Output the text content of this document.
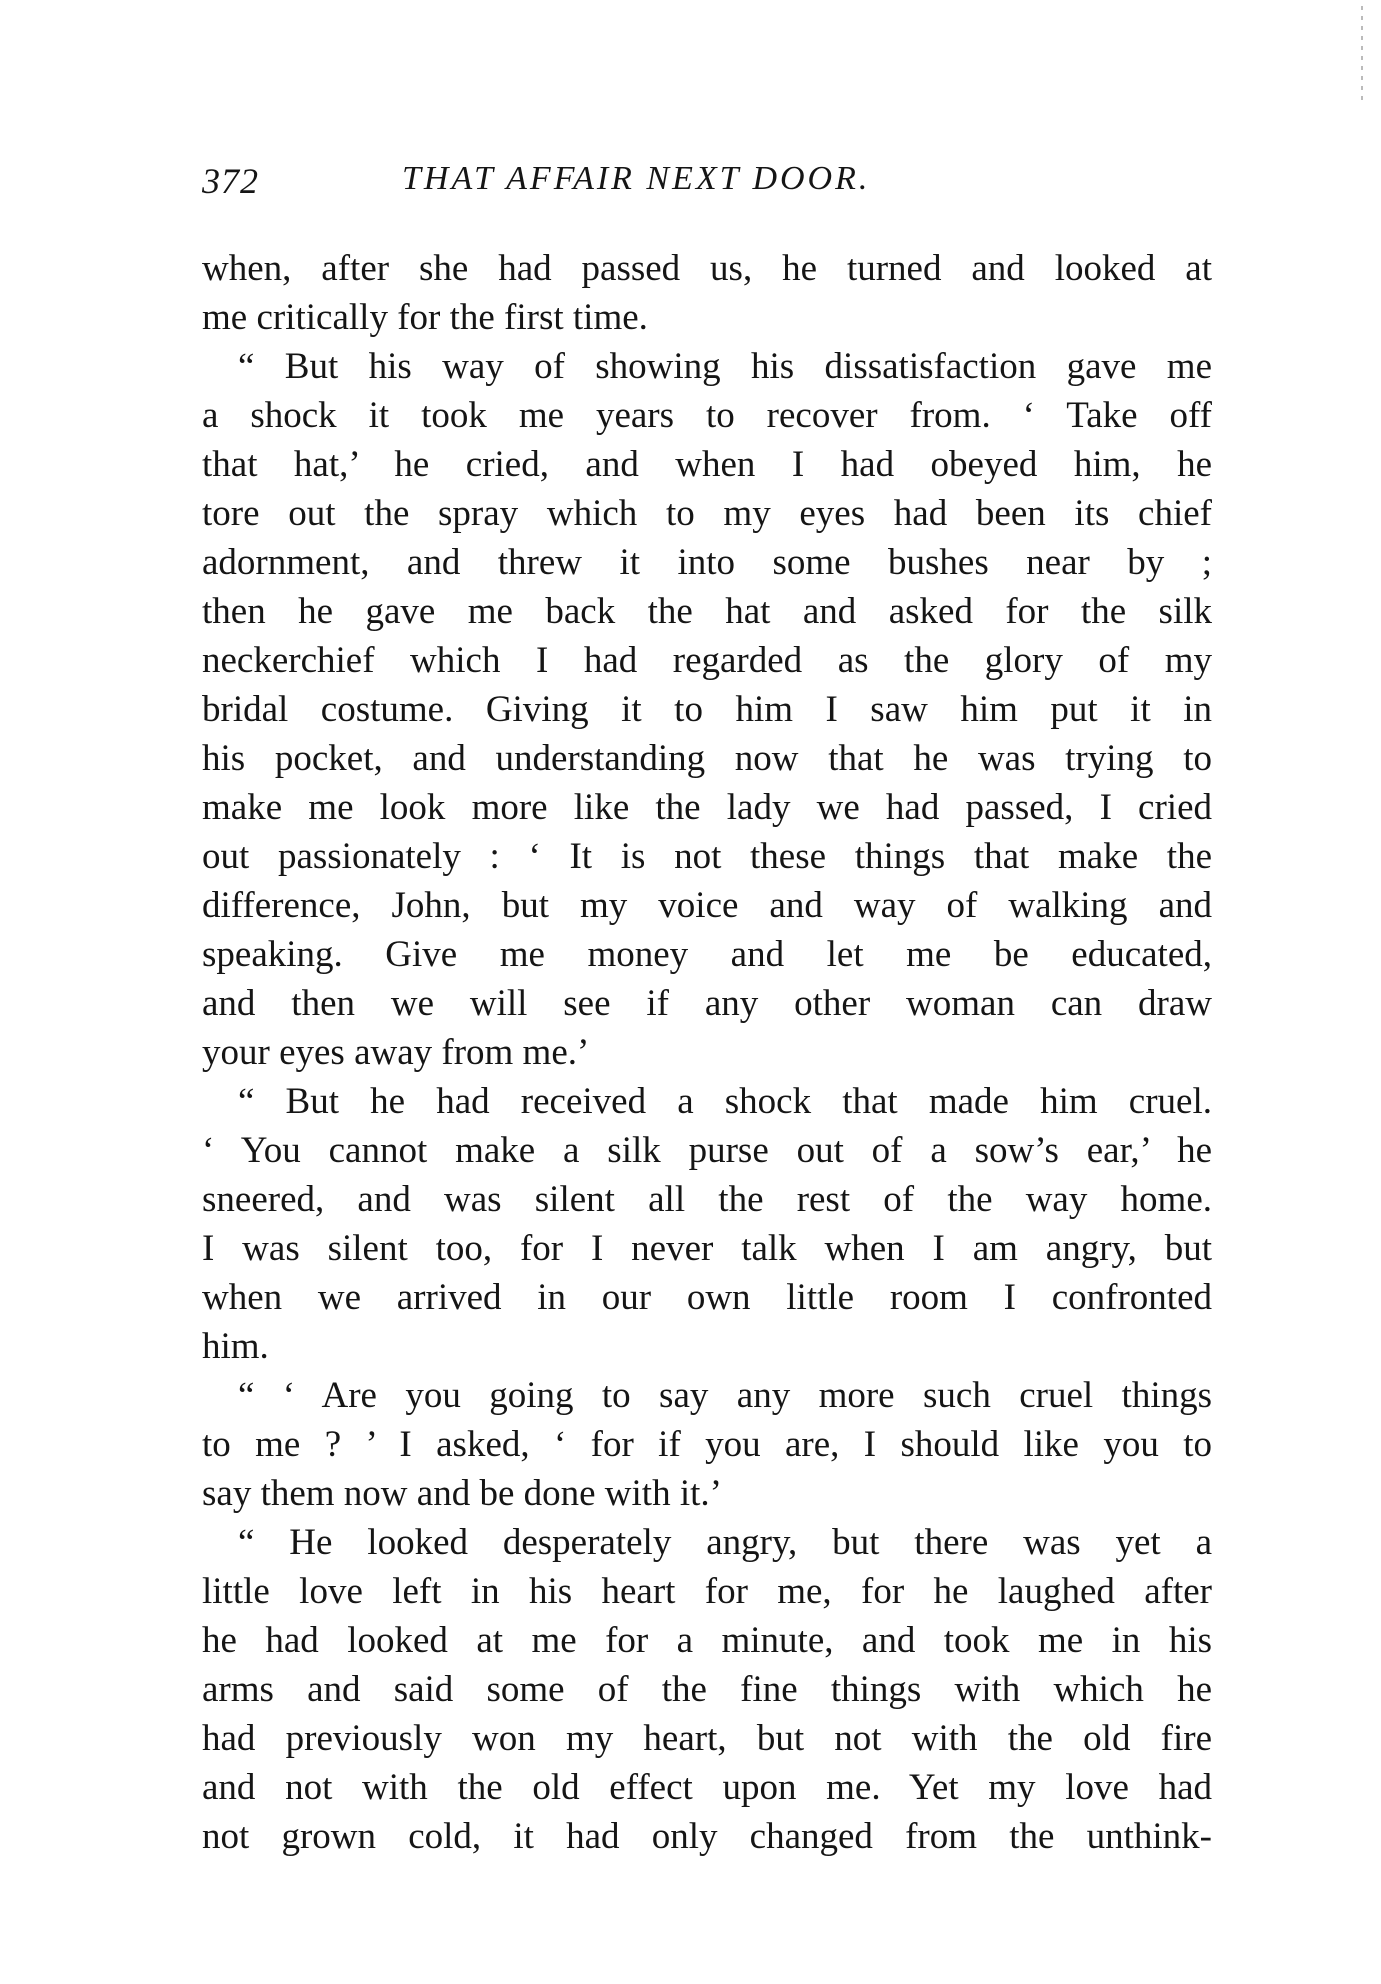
372	THAT AFFAIR NEXT DOOR.
when, after she had passed us, he turned and looked at
me critically for the first time.
“ But his way of showing his dissatisfaction gave me
a shock it took me years to recover from. ‘ Take off
that hat,’ he cried, and when I had obeyed him, he
tore out the spray which to my eyes had been its chief
adornment, and threw it into some bushes near by ;
then he gave me back the hat and asked for the silk
neckerchief which I had regarded as the glory of my
bridal costume. Giving it to him I saw him put it in
his pocket, and understanding now that he was trying to
make me look more like the lady we had passed, I cried
out passionately : ‘ It is not these things that make the
difference, John, but my voice and way of walking and
speaking. Give me money and let me be educated,
and then we will see if any other woman can draw
your eyes away from me.’
“ But he had received a shock that made him cruel.
‘ You cannot make a silk purse out of a sow’s ear,’ he
sneered, and was silent all the rest of the way home.
I was silent too, for I never talk when I am angry, but
when we arrived in our own little room I confronted
him.
“ ‘ Are you going to say any more such cruel things
to me ? ’ I asked, ‘ for if you are, I should like you to
say them now and be done with it.’
“ He looked desperately angry, but there was yet a
little love left in his heart for me, for he laughed after
he had looked at me for a minute, and took me in his
arms and said some of the fine things with which he
had previously won my heart, but not with the old fire
and not with the old effect upon me. Yet my love had
not grown cold, it had only changed from the unthink-
